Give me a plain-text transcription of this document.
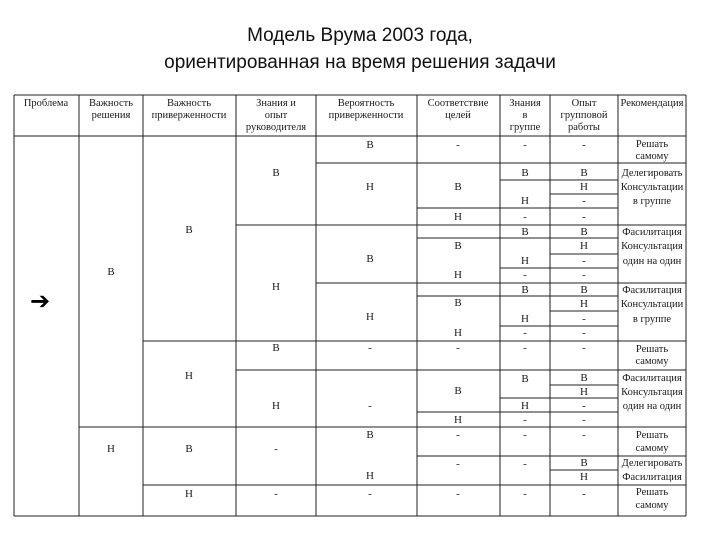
Модель Врума 2003 года,
ориентированная на время решения задачи
Проблема Важность
решения
Важность
приверженности
Знания и
опыт
руководителя
Вероятность
приверженности
Соответствие
целей
Знания
в
группе
Опыт
групповой
работы
Рекомендация
В
Н
В
Н
В
Н
В
Н
В
Н
-
-
В
Н
В
Н
-
-
В
Н
-
-
В
Н
В
Н
В
Н
-
В
Н
-
-
-
-
В
Н
-
В
Н
-
В
Н
-
-
В
Н
-
-
-
-
-
В
Н
-
-
В
Н
-
-
В
Н
-
-
-
В
Н
-
-
-
В
Н
-
Решать
самому
Делегировать
Консультации
в группе
Фасилитация
Консультация
один на один
Фасилитация
Консультации
в группе
Решать
самому
Фасилитация
Консультация
один на один
Решать
самому
Делегировать
Фасилитация
Решать
самому
➔
